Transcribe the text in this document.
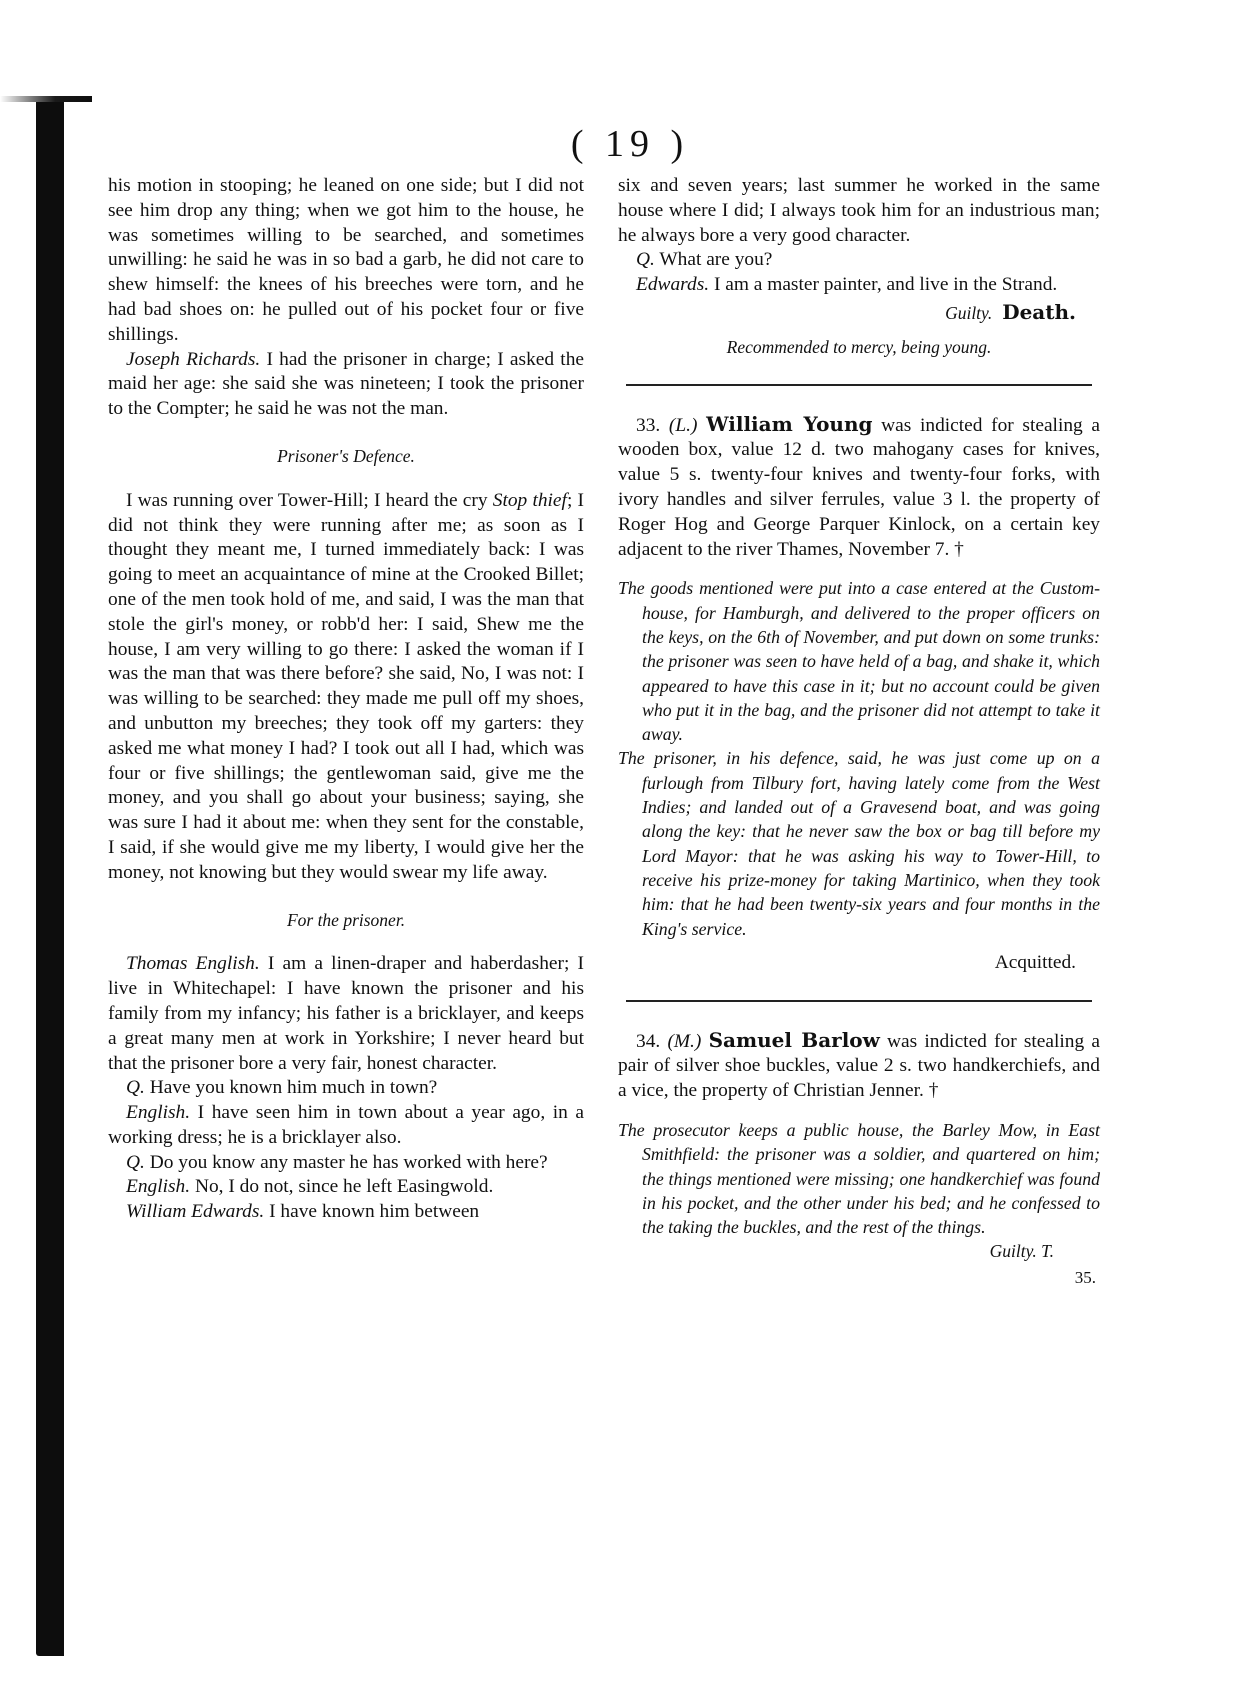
( 19 )

his motion in stooping; he leaned on one side; but I did not see him drop any thing; when we got him to the house, he was sometimes willing to be searched, and sometimes unwilling: he said he was in so bad a garb, he did not care to shew himself: the knees of his breeches were torn, and he had bad shoes on: he pulled out of his pocket four or five shillings.

Joseph Richards. I had the prisoner in charge; I asked the maid her age: she said she was nineteen; I took the prisoner to the Compter; he said he was not the man.

Prisoner's Defence.

I was running over Tower-Hill; I heard the cry Stop thief; I did not think they were running after me; as soon as I thought they meant me, I turned immediately back: I was going to meet an acquaintance of mine at the Crooked Billet; one of the men took hold of me, and said, I was the man that stole the girl's money, or robb'd her: I said, Shew me the house, I am very willing to go there: I asked the woman if I was the man that was there before? she said, No, I was not: I was willing to be searched: they made me pull off my shoes, and unbutton my breeches; they took off my garters: they asked me what money I had? I took out all I had, which was four or five shillings; the gentlewoman said, give me the money, and you shall go about your business; saying, she was sure I had it about me: when they sent for the constable, I said, if she would give me my liberty, I would give her the money, not knowing but they would swear my life away.

For the prisoner.

Thomas English. I am a linen-draper and haberdasher; I live in Whitechapel: I have known the prisoner and his family from my infancy; his father is a bricklayer, and keeps a great many men at work in Yorkshire; I never heard but that the prisoner bore a very fair, honest character.

Q. Have you known him much in town?

English. I have seen him in town about a year ago, in a working dress; he is a bricklayer also.

Q. Do you know any master he has worked with here?

English. No, I do not, since he left Easingwold.

William Edwards. I have known him between

six and seven years; last summer he worked in the same house where I did; I always took him for an industrious man; he always bore a very good character.

Q. What are you?

Edwards. I am a master painter, and live in the Strand.

Guilty. Death.
Recommended to mercy, being young.

33. (L.) William Young was indicted for stealing a wooden box, value 12 d. two mahogany cases for knives, value 5 s. twenty-four knives and twenty-four forks, with ivory handles and silver ferrules, value 3 l. the property of Roger Hog and George Parquer Kinlock, on a certain key adjacent to the river Thames, November 7. †

The goods mentioned were put into a case entered at the Custom-house, for Hamburgh, and delivered to the proper officers on the keys, on the 6th of November, and put down on some trunks: the prisoner was seen to have held of a bag, and shake it, which appeared to have this case in it; but no account could be given who put it in the bag, and the prisoner did not attempt to take it away.

The prisoner, in his defence, said, he was just come up on a furlough from Tilbury fort, having lately come from the West Indies; and landed out of a Gravesend boat, and was going along the key: that he never saw the box or bag till before my Lord Mayor: that he was asking his way to Tower-Hill, to receive his prize-money for taking Martinico, when they took him: that he had been twenty-six years and four months in the King's service.

Acquitted.

34. (M.) Samuel Barlow was indicted for stealing a pair of silver shoe buckles, value 2 s. two handkerchiefs, and a vice, the property of Christian Jenner. †

The prosecutor keeps a public house, the Barley Mow, in East Smithfield: the prisoner was a soldier, and quartered on him; the things mentioned were missing; one handkerchief was found in his pocket, and the other under his bed; and he confessed to the taking the buckles, and the rest of the things.

Guilty. T.
35.
